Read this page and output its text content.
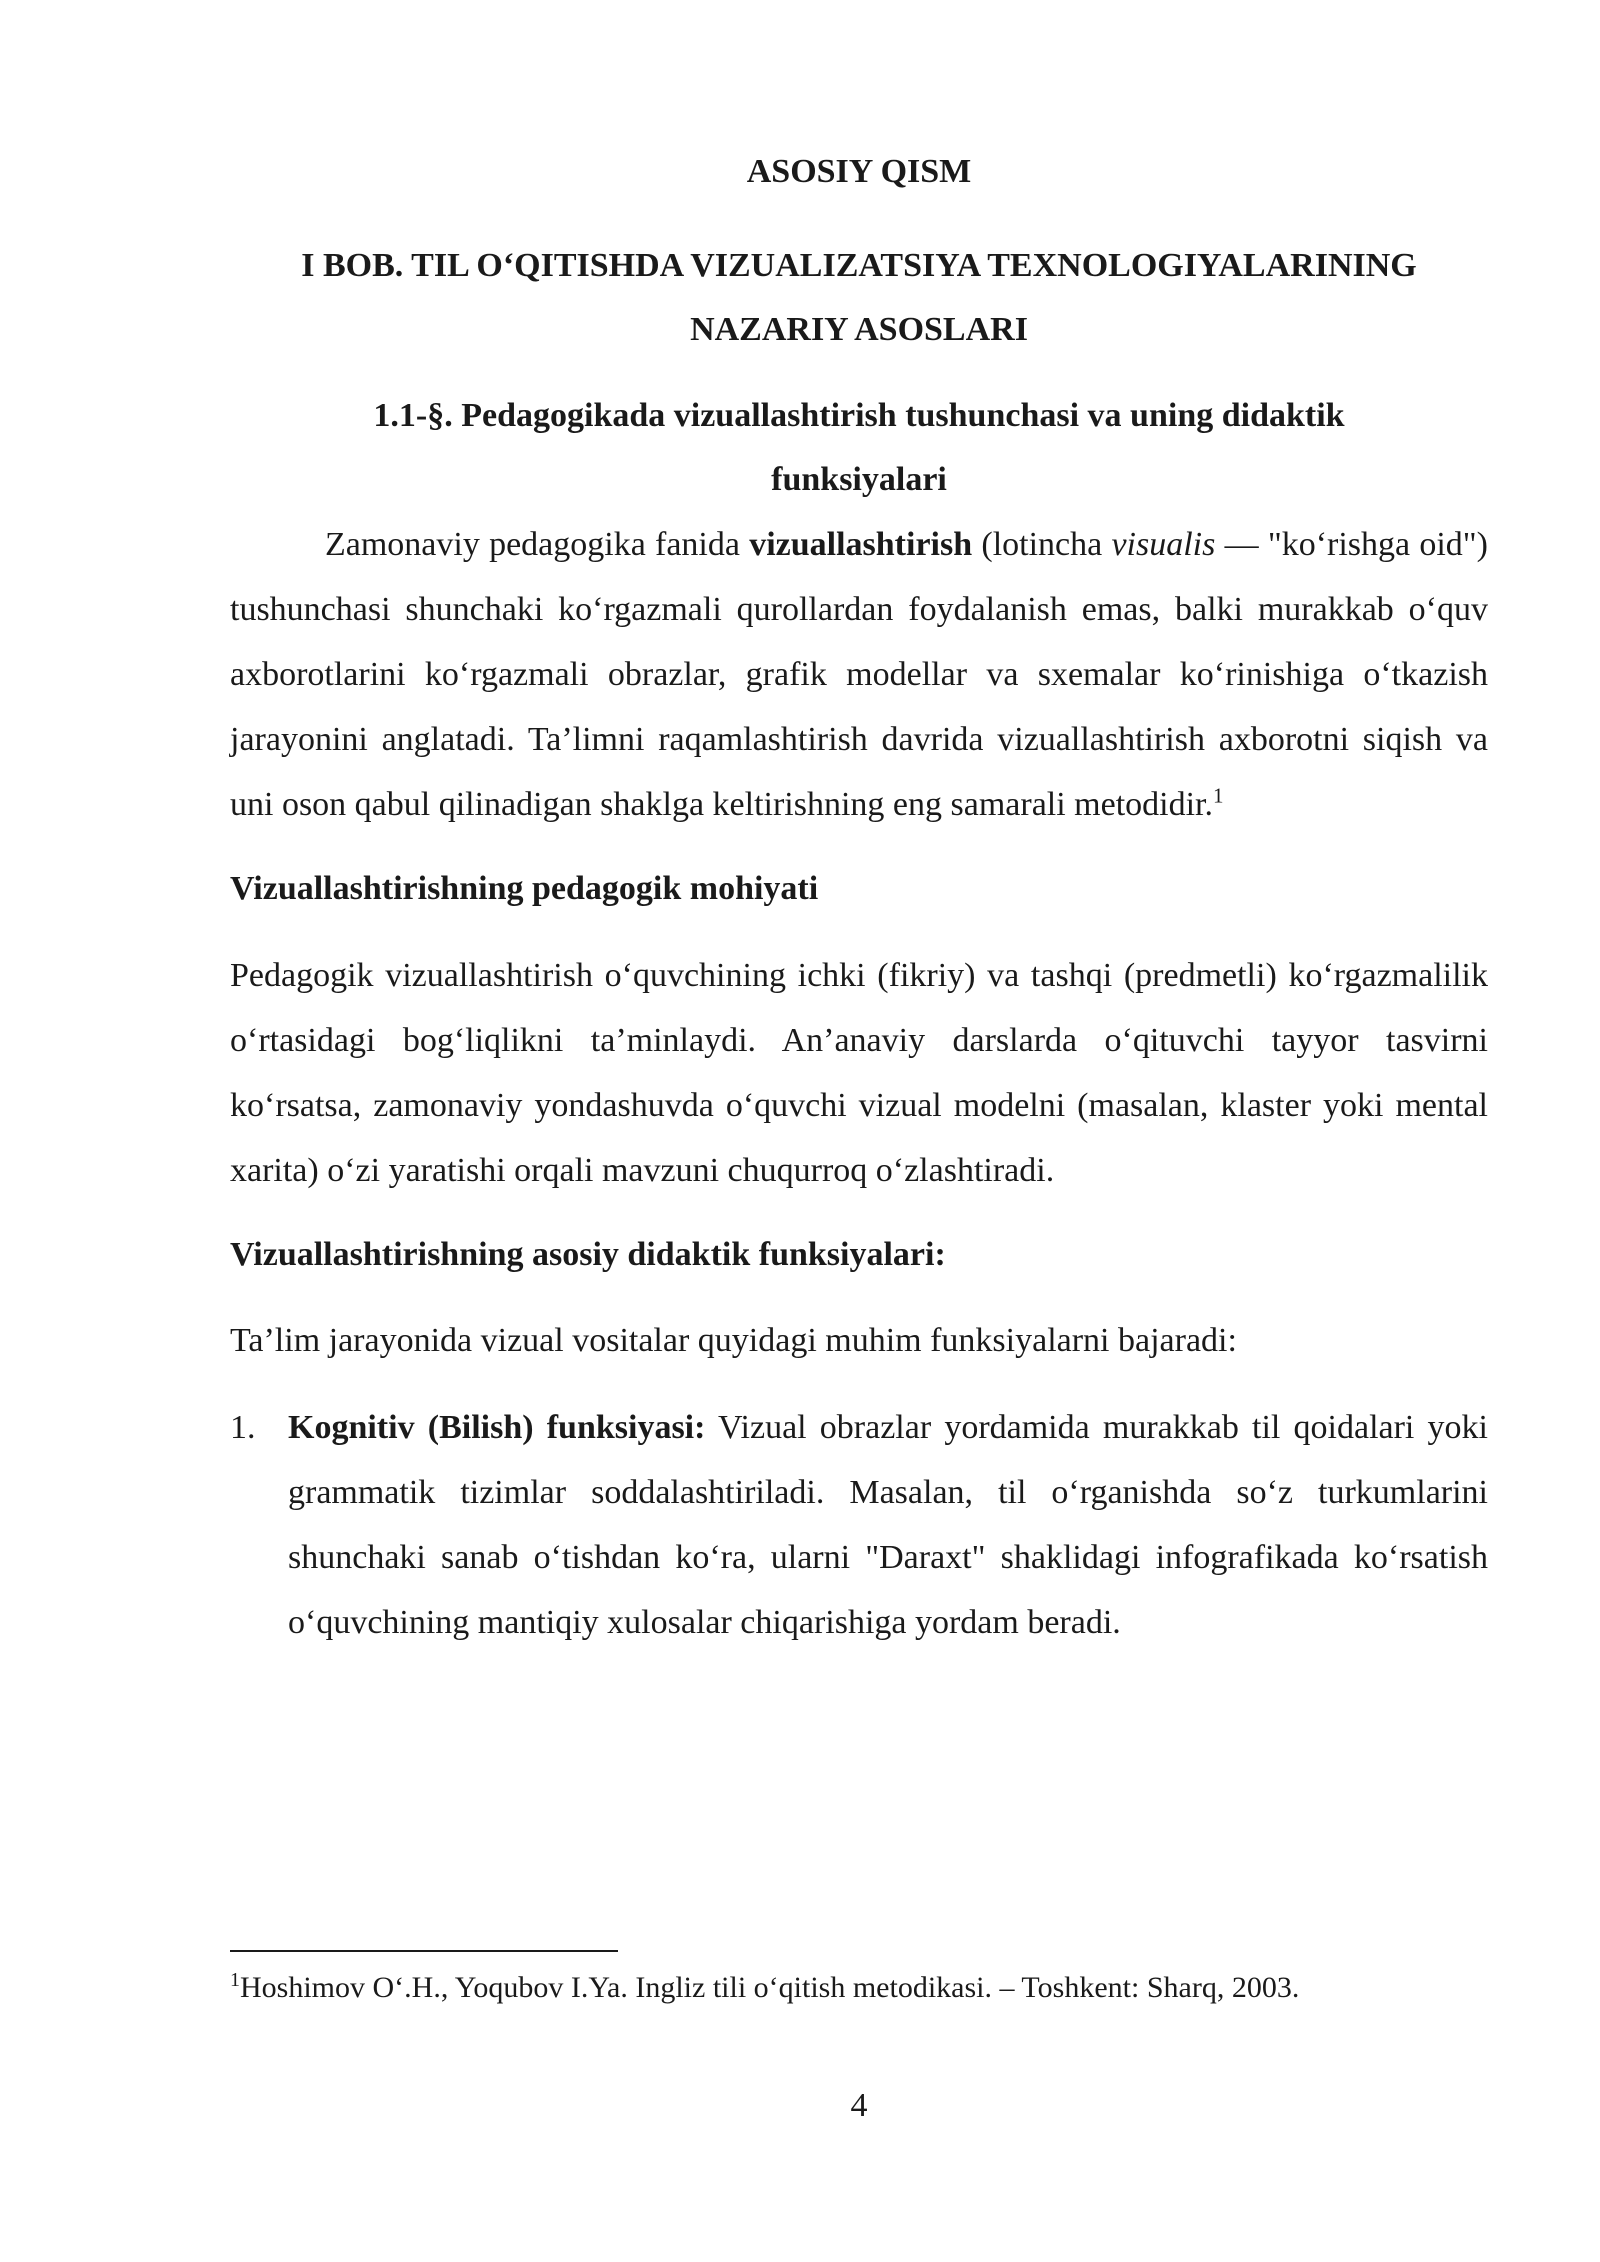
ASOSIY QISM
I BOB. TIL O‘QITISHDA VIZUALIZATSIYA TEXNOLOGIYALARINING
NAZARIY ASOSLARI
1.1-§. Pedagogikada vizuallashtirish tushunchasi va uning didaktik
funksiyalari

Zamonaviy pedagogika fanida vizuallashtirish (lotincha visualis — "ko‘rishga oid") tushunchasi shunchaki ko‘rgazmali qurollardan foydalanish emas, balki murakkab o‘quv axborotlarini ko‘rgazmali obrazlar, grafik modellar va sxemalar ko‘rinishiga o‘tkazish jarayonini anglatadi. Ta’limni raqamlashtirish davrida vizuallashtirish axborotni siqish va uni oson qabul qilinadigan shaklga keltirishning eng samarali metodidir.$^1$

Vizuallashtirishning pedagogik mohiyati

Pedagogik vizuallashtirish o‘quvchining ichki (fikriy) va tashqi (predmetli) ko‘rgazmalilik o‘rtasidagi bog‘liqlikni ta’minlaydi. An’anaviy darslarda o‘qituvchi tayyor tasvirni ko‘rsatsa, zamonaviy yondashuvda o‘quvchi vizual modelni (masalan, klaster yoki mental xarita) o‘zi yaratishi orqali mavzuni chuqurroq o‘zlashtiradi.

Vizuallashtirishning asosiy didaktik funksiyalari:
Ta’lim jarayonida vizual vositalar quyidagi muhim funksiyalarni bajaradi:
1. Kognitiv (Bilish) funksiyasi: Vizual obrazlar yordamida murakkab til qoidalari yoki grammatik tizimlar soddalashtiriladi. Masalan, til o‘rganishda so‘z turkumlarini shunchaki sanab o‘tishdan ko‘ra, ularni "Daraxt" shaklidagi infografikada ko‘rsatish o‘quvchining mantiqiy xulosalar chiqarishiga yordam beradi.
$^1$Hoshimov O‘.H., Yoqubov I.Ya. Ingliz tili o‘qitish metodikasi. – Toshkent: Sharq, 2003.
4
